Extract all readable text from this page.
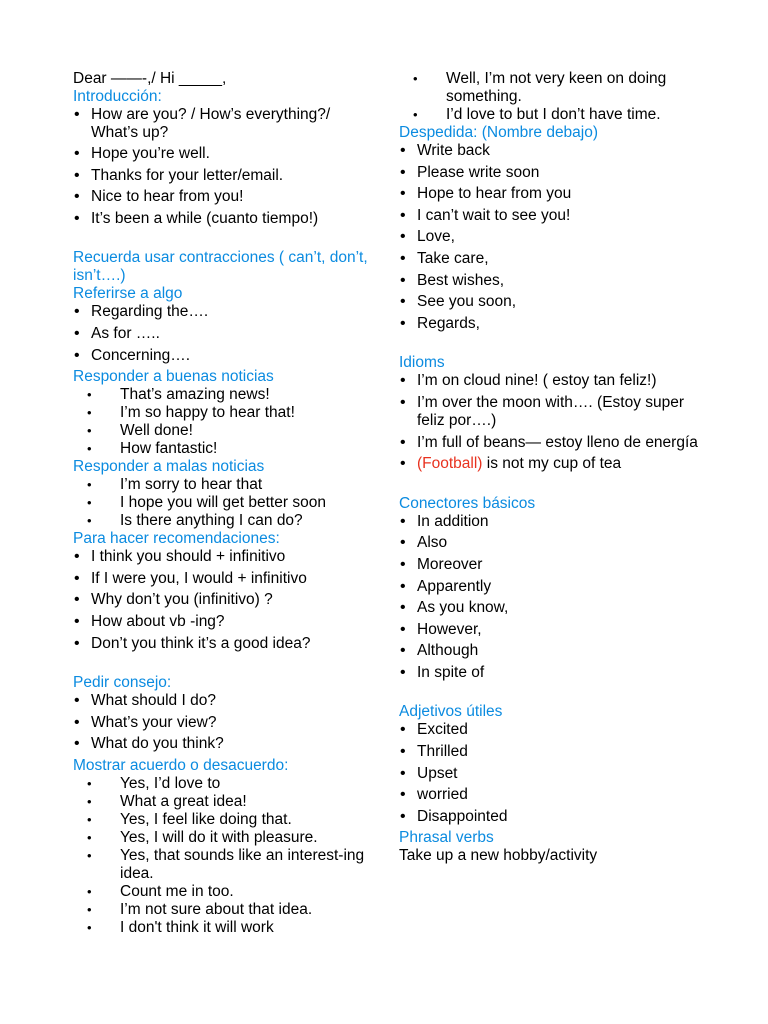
Dear ——-,/ Hi _____,
Introducción:
• How are you? / How’s everything?/ What’s up?
• Hope you’re well.
• Thanks for your letter/email.
• Nice to hear from you!
• It’s been a while (cuanto tiempo!)
Recuerda usar contracciones ( can’t, don’t, isn’t….)
Referirse a algo
• Regarding the….
• As for …..
• Concerning….
Responder a buenas noticias
• That’s amazing news!
• I’m so happy to hear that!
• Well done!
• How fantastic!
Responder a malas noticias
• I’m sorry to hear that
• I hope you will get better soon
• Is there anything I can do?
Para hacer recomendaciones:
• I think you should + infinitivo
• If I were you, I would + infinitivo
• Why don’t you (infinitivo) ?
• How about vb -ing?
• Don’t you think it’s a good idea?
Pedir consejo:
• What should I do?
• What’s your view?
• What do you think?
Mostrar acuerdo o desacuerdo:
• Yes, I’d love to
• What a great idea!
• Yes, I feel like doing that.
• Yes, I will do it with pleasure.
• Yes, that sounds like an interest-ing idea.
• Count me in too.
• I’m not sure about that idea.
• I don't think it will work
• Well, I’m not very keen on doing something.
• I’d love to but I don’t have time.
Despedida: (Nombre debajo)
• Write back
• Please write soon
• Hope to hear from you
• I can’t wait to see you!
• Love,
• Take care,
• Best wishes,
• See you soon,
• Regards,
Idioms
• I’m on cloud nine! ( estoy tan feliz!)
• I’m over the moon with…. (Estoy super feliz por….)
• I’m full of beans— estoy lleno de energía
• (Football) is not my cup of tea
Conectores básicos
• In addition
• Also
• Moreover
• Apparently
• As you know,
• However,
• Although
• In spite of
Adjetivos útiles
• Excited
• Thrilled
• Upset
• worried
• Disappointed
Phrasal verbs
Take up a new hobby/activity
